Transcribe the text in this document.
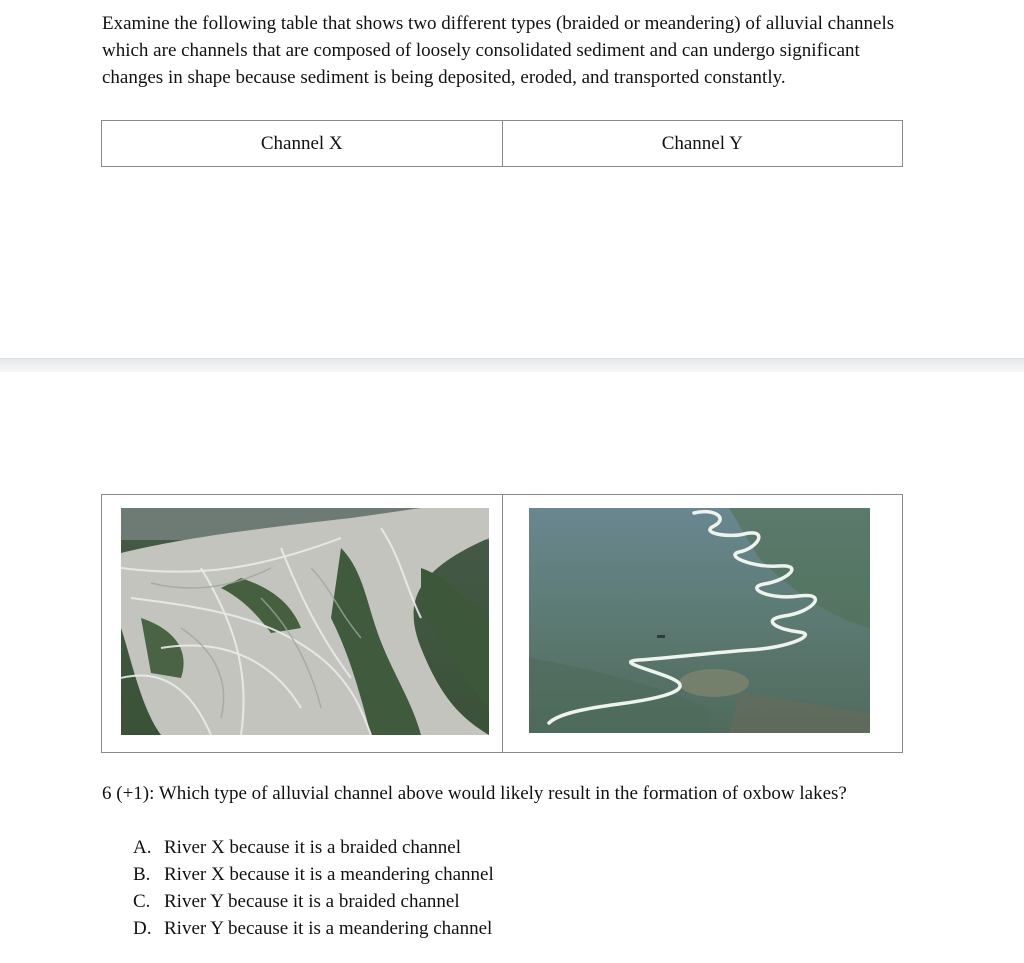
Examine the following table that shows two different types (braided or meandering) of alluvial channels which are channels that are composed of loosely consolidated sediment and can undergo significant changes in shape because sediment is being deposited, eroded, and transported constantly.

Channel X	Channel Y

6 (+1): Which type of alluvial channel above would likely result in the formation of oxbow lakes?

A. River X because it is a braided channel
B. River X because it is a meandering channel
C. River Y because it is a braided channel
D. River Y because it is a meandering channel
